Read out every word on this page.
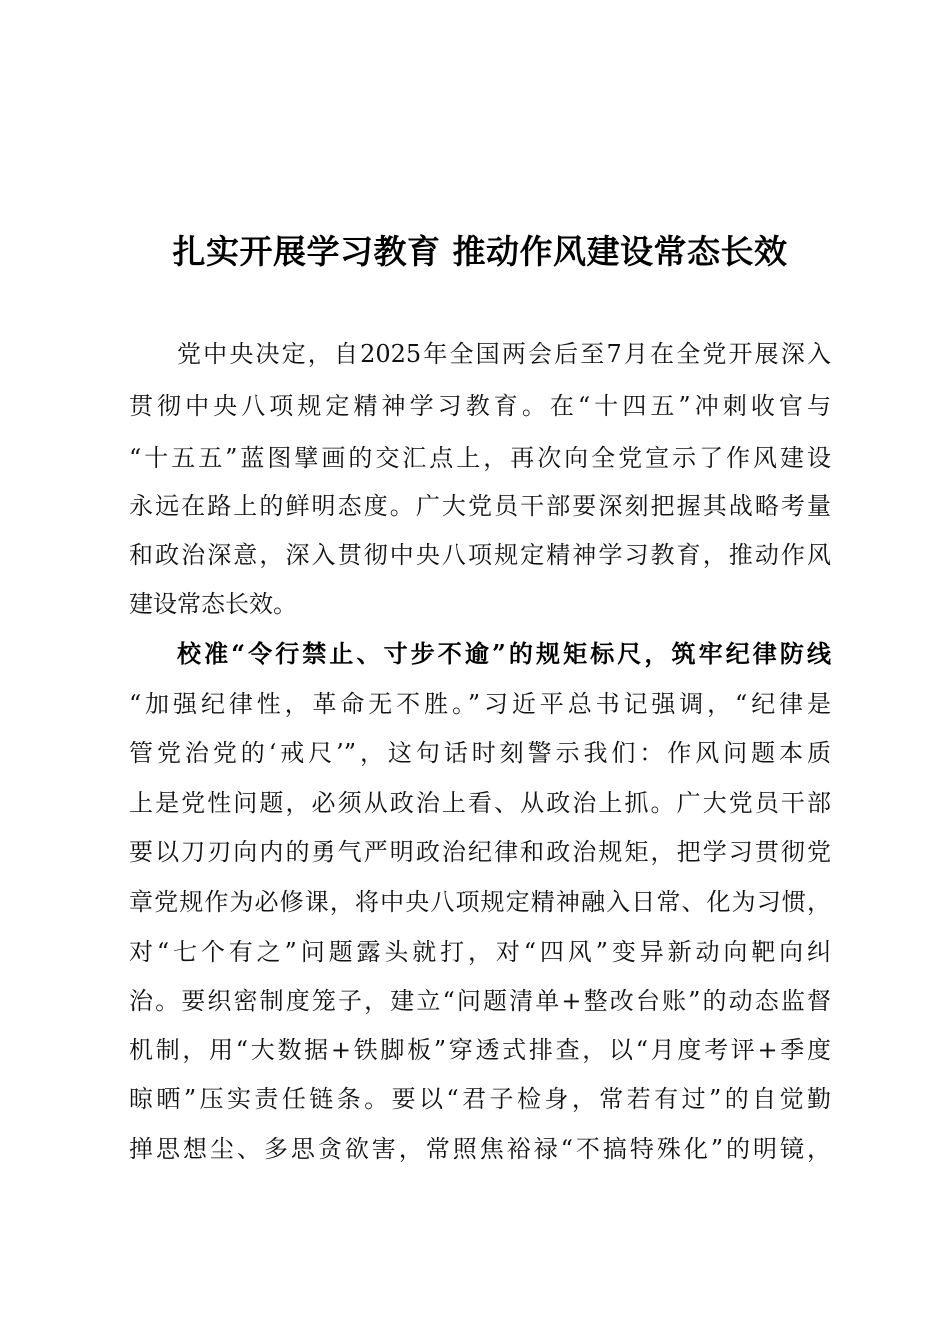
扎实开展学习教育 推动作风建设常态长效
党中央决定，自2025年全国两会后至7月在全党开展深入
贯彻中央八项规定精神学习教育。在“十四五”冲刺收官与
“十五五”蓝图擘画的交汇点上，再次向全党宣示了作风建设
永远在路上的鲜明态度。广大党员干部要深刻把握其战略考量
和政治深意，深入贯彻中央八项规定精神学习教育，推动作风
建设常态长效。
校准“令行禁止、寸步不逾”的规矩标尺，筑牢纪律防线
“加强纪律性，革命无不胜。”习近平总书记强调，“纪律是
管党治党的‘戒尺’”，这句话时刻警示我们：作风问题本质
上是党性问题，必须从政治上看、从政治上抓。广大党员干部
要以刀刃向内的勇气严明政治纪律和政治规矩，把学习贯彻党
章党规作为必修课，将中央八项规定精神融入日常、化为习惯，
对“七个有之”问题露头就打，对“四风”变异新动向靶向纠
治。要织密制度笼子，建立“问题清单+整改台账”的动态监督
机制，用“大数据+铁脚板”穿透式排查，以“月度考评+季度
晾晒”压实责任链条。要以“君子检身，常若有过”的自觉勤
掸思想尘、多思贪欲害，常照焦裕禄“不搞特殊化”的明镜，
